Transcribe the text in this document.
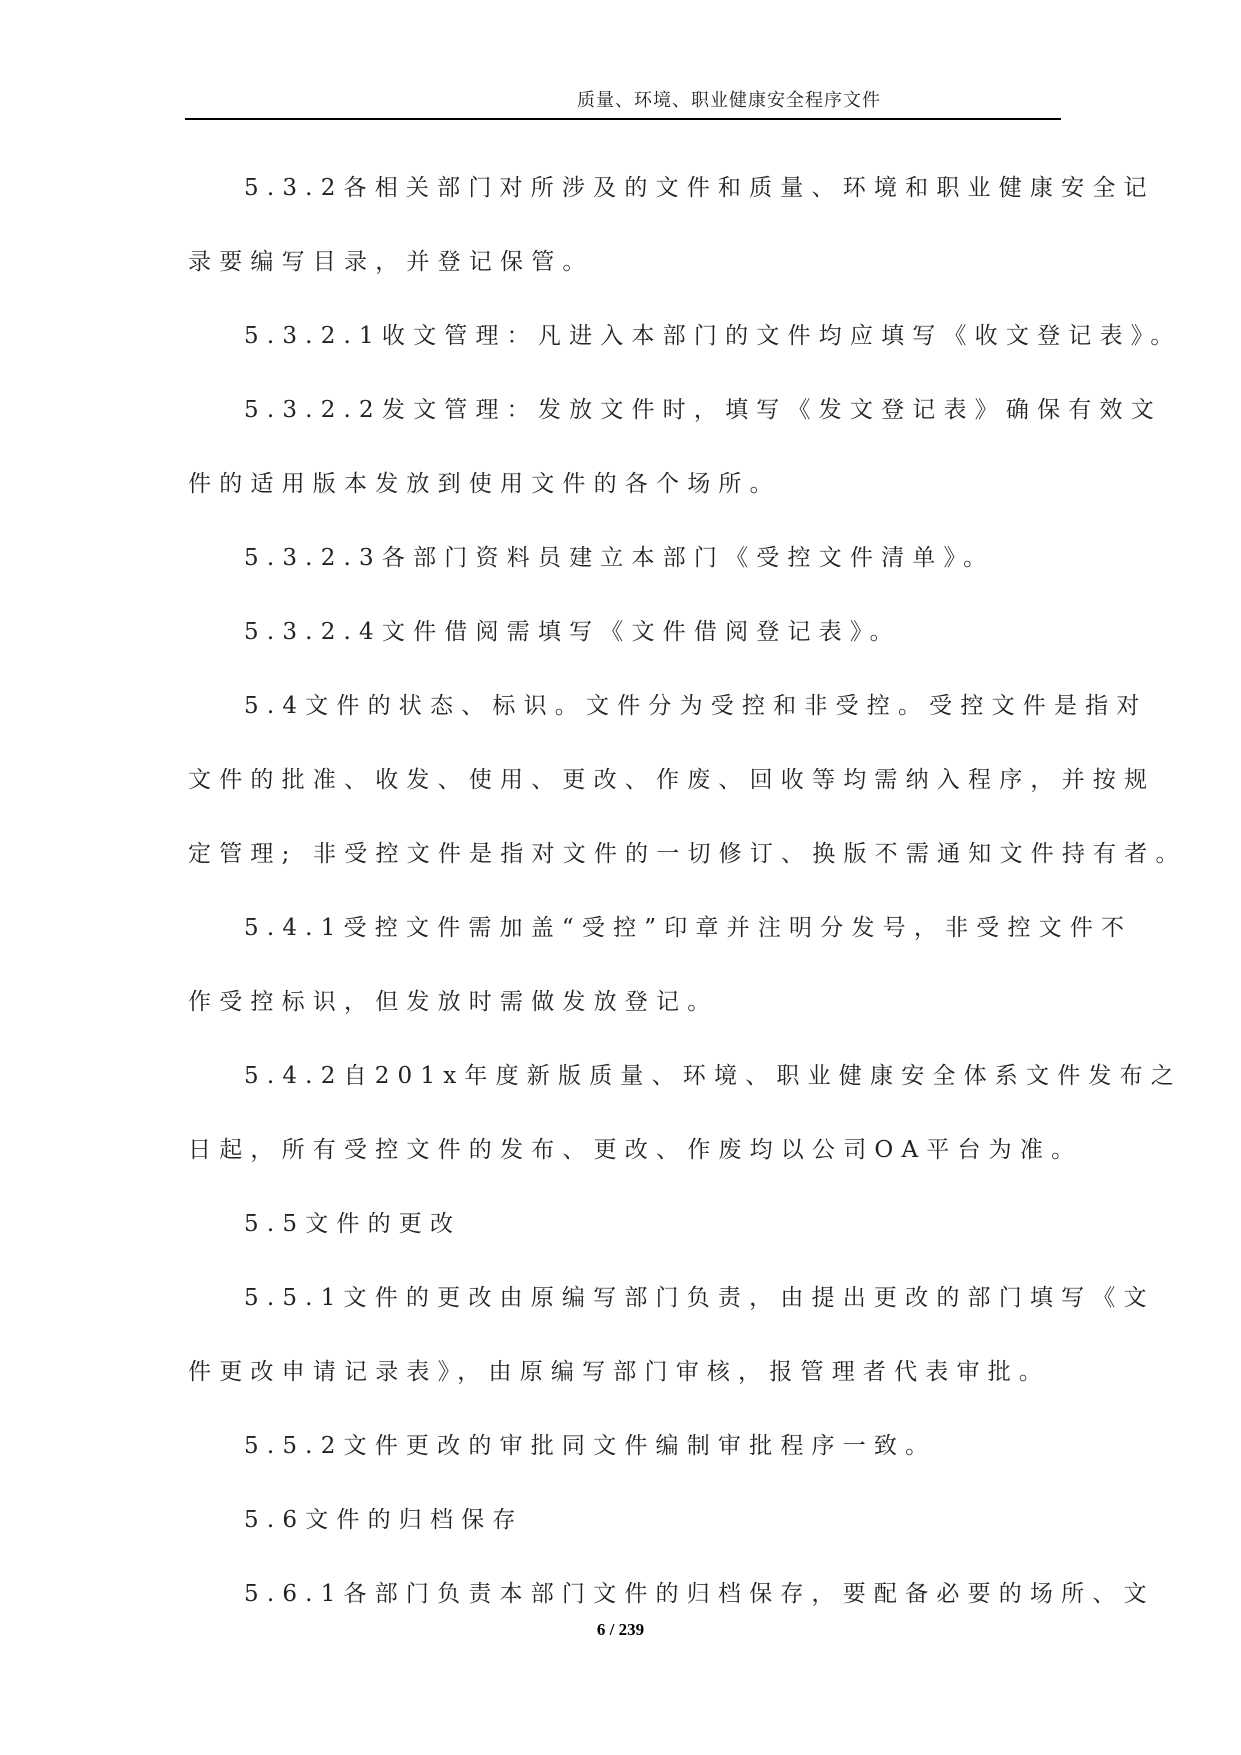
质量、环境、职业健康安全程序文件
5.3.2各相关部门对所涉及的文件和质量、环境和职业健康安全记
录要编写目录，并登记保管。
5.3.2.1收文管理：凡进入本部门的文件均应填写《收文登记表》。
5.3.2.2发文管理：发放文件时，填写《发文登记表》确保有效文
件的适用版本发放到使用文件的各个场所。
5.3.2.3各部门资料员建立本部门《受控文件清单》。
5.3.2.4文件借阅需填写《文件借阅登记表》。
5.4文件的状态、标识。文件分为受控和非受控。受控文件是指对
文件的批准、收发、使用、更改、作废、回收等均需纳入程序，并按规
定管理; 非受控文件是指对文件的一切修订、换版不需通知文件持有者。
5.4.1受控文件需加盖“受控”印章并注明分发号，非受控文件不
作受控标识，但发放时需做发放登记。
5.4.2自201x年度新版质量、环境、职业健康安全体系文件发布之
日起，所有受控文件的发布、更改、作废均以公司OA平台为准。
5.5文件的更改
5.5.1文件的更改由原编写部门负责，由提出更改的部门填写《文
件更改申请记录表》，由原编写部门审核，报管理者代表审批。
5.5.2文件更改的审批同文件编制审批程序一致。
5.6文件的归档保存
5.6.1各部门负责本部门文件的归档保存，要配备必要的场所、文
6 / 239
